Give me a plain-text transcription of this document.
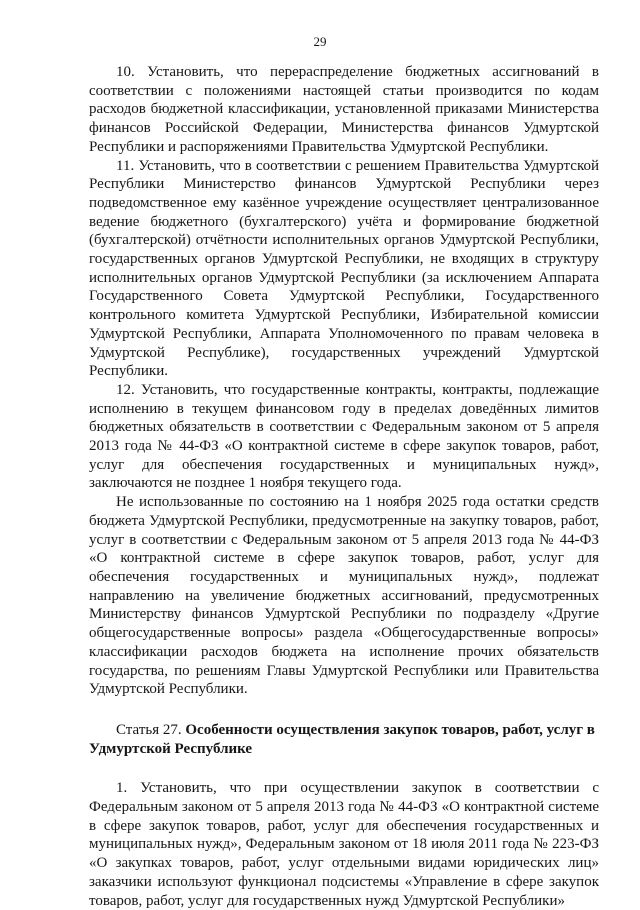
29

10. Установить, что перераспределение бюджетных ассигнований в соответствии с положениями настоящей статьи производится по кодам расходов бюджетной классификации, установленной приказами Министерства финансов Российской Федерации, Министерства финансов Удмуртской Республики и распоряжениями Правительства Удмуртской Республики.

11. Установить, что в соответствии с решением Правительства Удмуртской Республики Министерство финансов Удмуртской Республики через подведомственное ему казённое учреждение осуществляет централизованное ведение бюджетного (бухгалтерского) учёта и формирование бюджетной (бухгалтерской) отчётности исполнительных органов Удмуртской Республики, государственных органов Удмуртской Республики, не входящих в структуру исполнительных органов Удмуртской Республики (за исключением Аппарата Государственного Совета Удмуртской Республики, Государственного контрольного комитета Удмуртской Республики, Избирательной комиссии Удмуртской Республики, Аппарата Уполномоченного по правам человека в Удмуртской Республике), государственных учреждений Удмуртской Республики.

12. Установить, что государственные контракты, контракты, подлежащие исполнению в текущем финансовом году в пределах доведённых лимитов бюджетных обязательств в соответствии с Федеральным законом от 5 апреля 2013 года № 44-ФЗ «О контрактной системе в сфере закупок товаров, работ, услуг для обеспечения государственных и муниципальных нужд», заключаются не позднее 1 ноября текущего года.

Не использованные по состоянию на 1 ноября 2025 года остатки средств бюджета Удмуртской Республики, предусмотренные на закупку товаров, работ, услуг в соответствии с Федеральным законом от 5 апреля 2013 года № 44-ФЗ «О контрактной системе в сфере закупок товаров, работ, услуг для обеспечения государственных и муниципальных нужд», подлежат направлению на увеличение бюджетных ассигнований, предусмотренных Министерству финансов Удмуртской Республики по подразделу «Другие общегосударственные вопросы» раздела «Общегосударственные вопросы» классификации расходов бюджета на исполнение прочих обязательств государства, по решениям Главы Удмуртской Республики или Правительства Удмуртской Республики.

Статья 27. Особенности осуществления закупок товаров, работ, услуг в Удмуртской Республике

1. Установить, что при осуществлении закупок в соответствии с Федеральным законом от 5 апреля 2013 года № 44-ФЗ «О контрактной системе в сфере закупок товаров, работ, услуг для обеспечения государственных и муниципальных нужд», Федеральным законом от 18 июля 2011 года № 223-ФЗ «О закупках товаров, работ, услуг отдельными видами юридических лиц» заказчики используют функционал подсистемы «Управление в сфере закупок товаров, работ, услуг для государственных нужд Удмуртской Республики»
